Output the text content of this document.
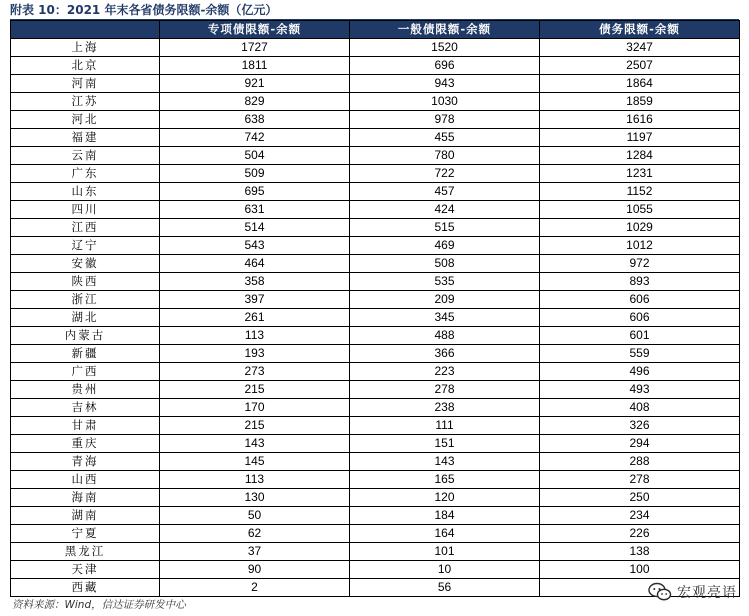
附表 10：2021 年末各省债务限额-余额（亿元）
	专项债限额-余额	一般债限额-余额	债务限额-余额
上海	1727	1520	3247
北京	1811	696	2507
河南	921	943	1864
江苏	829	1030	1859
河北	638	978	1616
福建	742	455	1197
云南	504	780	1284
广东	509	722	1231
山东	695	457	1152
四川	631	424	1055
江西	514	515	1029
辽宁	543	469	1012
安徽	464	508	972
陕西	358	535	893
浙江	397	209	606
湖北	261	345	606
内蒙古	113	488	601
新疆	193	366	559
广西	273	223	496
贵州	215	278	493
吉林	170	238	408
甘肃	215	111	326
重庆	143	151	294
青海	145	143	288
山西	113	165	278
海南	130	120	250
湖南	50	184	234
宁夏	62	164	226
黑龙江	37	101	138
天津	90	10	100
西藏	2	56	
资料来源：Wind，信达证券研发中心
宏观亮语
